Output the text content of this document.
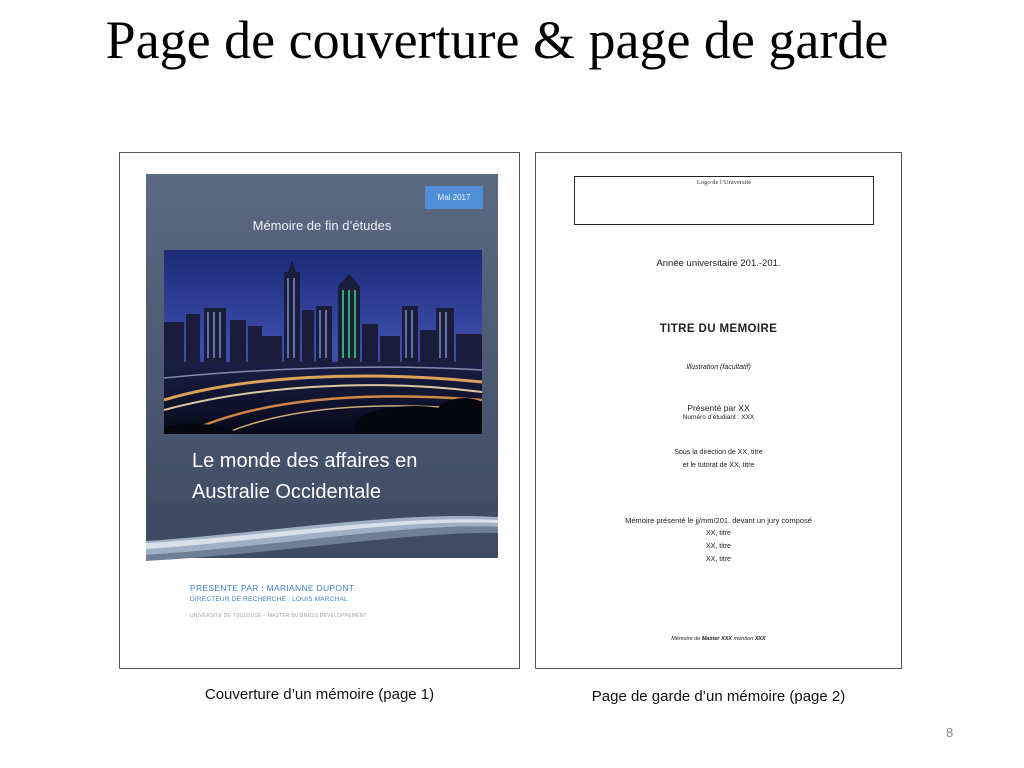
Page de couverture & page de garde
Mai 2017
Mémoire de fin d’études
Le monde des affaires en
Australie Occidentale
PRESENTE PAR : MARIANNE DUPONT
DIRECTEUR DE RECHERCHE : LOUIS MARCHAL
UNIVERSITE DE TOULOUSE – MASTER BUSINESS DEVELOPPEMENT
Logo de l’Université
Année universitaire 201.-201.
TITRE DU MEMOIRE
Illustration (facultatif)
Présenté par XX
Numéro d’étudiant : XXX
Sous la direction de XX, titre
et le tutorat de XX, titre
Mémoire présenté le jj/mm/201. devant un jury composé
XX, titre
XX, titre
XX, titre
Mémoire de Master XXX mention XXX
Couverture d’un mémoire (page 1)	Page de garde d’un mémoire (page 2)
8
